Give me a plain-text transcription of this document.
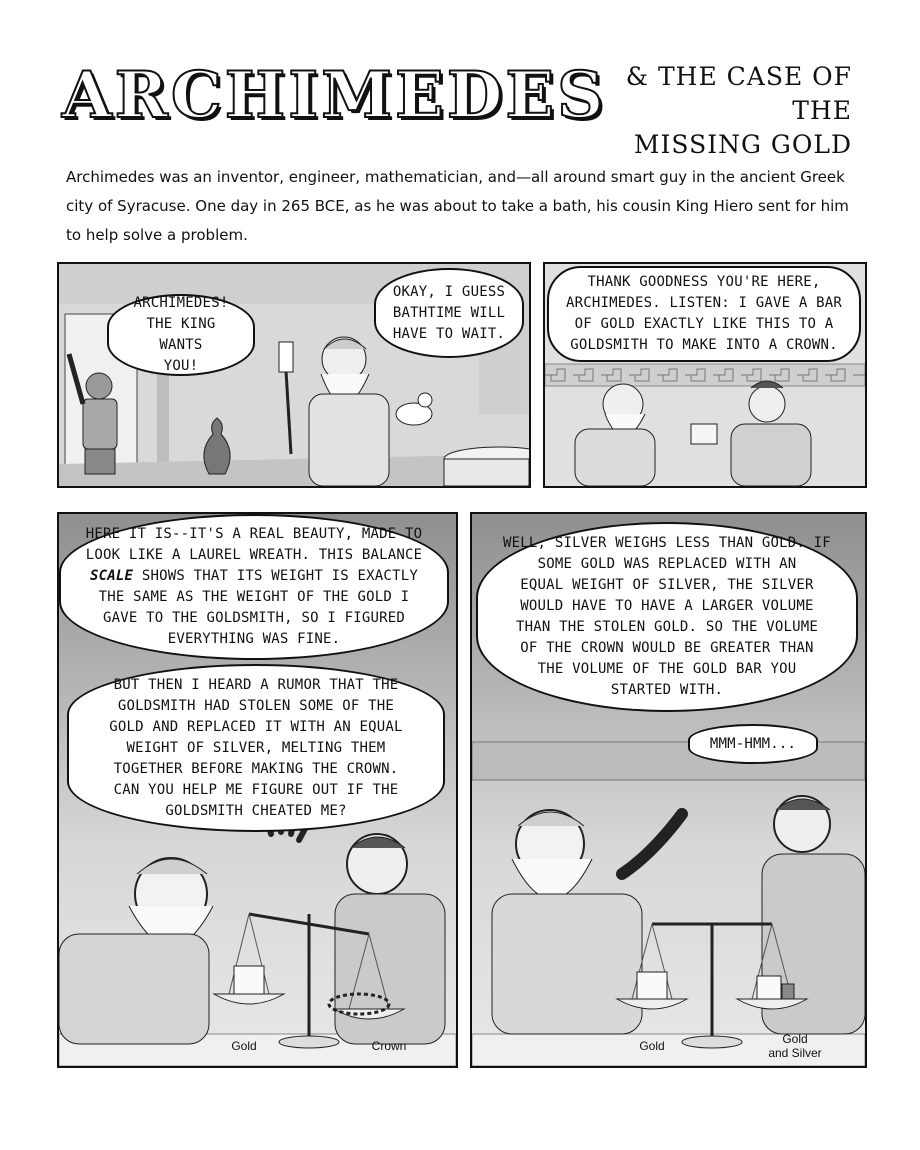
ARCHIMEDES & THE CASE OF THE
MISSING GOLD
Archimedes was an inventor, engineer, mathematician, and—all around smart guy in the ancient Greek city of Syracuse. One day in 265 BCE, as he was about to take a bath, his cousin King Hiero sent for him to help solve a problem.
ARCHIMEDES!
THE KING WANTS
YOU!
OKAY, I GUESS
BATHTIME WILL
HAVE TO WAIT.
THANK GOODNESS YOU'RE HERE,
ARCHIMEDES. LISTEN: I GAVE A BAR
OF GOLD EXACTLY LIKE THIS TO A
GOLDSMITH TO MAKE INTO A CROWN.
HERE IT IS--IT'S A REAL BEAUTY, MADE TO
LOOK LIKE A LAUREL WREATH. THIS BALANCE
SCALE SHOWS THAT ITS WEIGHT IS EXACTLY
THE SAME AS THE WEIGHT OF THE GOLD I
GAVE TO THE GOLDSMITH, SO I FIGURED
EVERYTHING WAS FINE.
BUT THEN I HEARD A RUMOR THAT THE
GOLDSMITH HAD STOLEN SOME OF THE
GOLD AND REPLACED IT WITH AN EQUAL
WEIGHT OF SILVER, MELTING THEM
TOGETHER BEFORE MAKING THE CROWN.
CAN YOU HELP ME FIGURE OUT IF THE
GOLDSMITH CHEATED ME?
Gold	Crown
SILVER WEIGHS LESS THAN GOLD.
SOME GOLD WAS REPLACED WITH AN
EQUAL WEIGHT OF SILVER, THE SILVER
WOULD HAVE TO HAVE A LARGER VOLUME
THAN THE STOLEN GOLD. SO THE VOLUME
OF THE CROWN WOULD BE GREATER THAN
THE VOLUME OF THE GOLD BAR YOU
STARTED WITH.
MMM-HMM...
Gold	Gold
and Silver
